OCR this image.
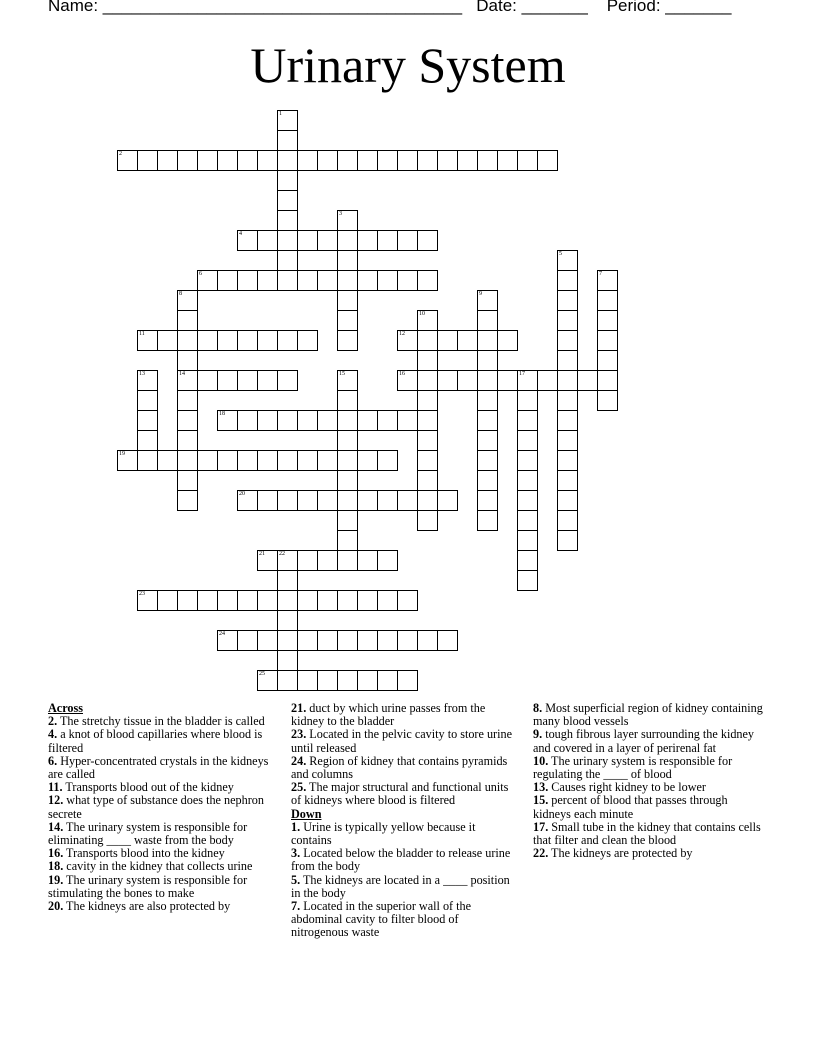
Name: ______________________________________ Date: _______ Period: _______
Urinary System
1
2
3
4
5
6	7
8
14
9
10
11	12
13	15	16	17
18
19
20
21 22
23
24
25
Across
2. The stretchy tissue in the bladder is called
4. a knot of blood capillaries where blood is filtered
6. Hyper-concentrated crystals in the kidneys are called
11. Transports blood out of the kidney
12. what type of substance does the nephron secrete
14. The urinary system is responsible for eliminating ____ waste from the body
16. Transports blood into the kidney
18. cavity in the kidney that collects urine
19. The urinary system is responsible for stimulating the bones to make
20. The kidneys are also protected by
21. duct by which urine passes from the kidney to the bladder
23. Located in the pelvic cavity to store urine until released
24. Region of kidney that contains pyramids and columns
25. The major structural and functional units of kidneys where blood is filtered
Down
1. Urine is typically yellow because it contains
3. Located below the bladder to release urine from the body
5. The kidneys are located in a ____ position in the body
7. Located in the superior wall of the abdominal cavity to filter blood of nitrogenous waste
8. Most superficial region of kidney containing many blood vessels
9. tough fibrous layer surrounding the kidney and covered in a layer of perirenal fat
10. The urinary system is responsible for regulating the ____ of blood
13. Causes right kidney to be lower
15. percent of blood that passes through kidneys each minute
17. Small tube in the kidney that contains cells that filter and clean the blood
22. The kidneys are protected by
